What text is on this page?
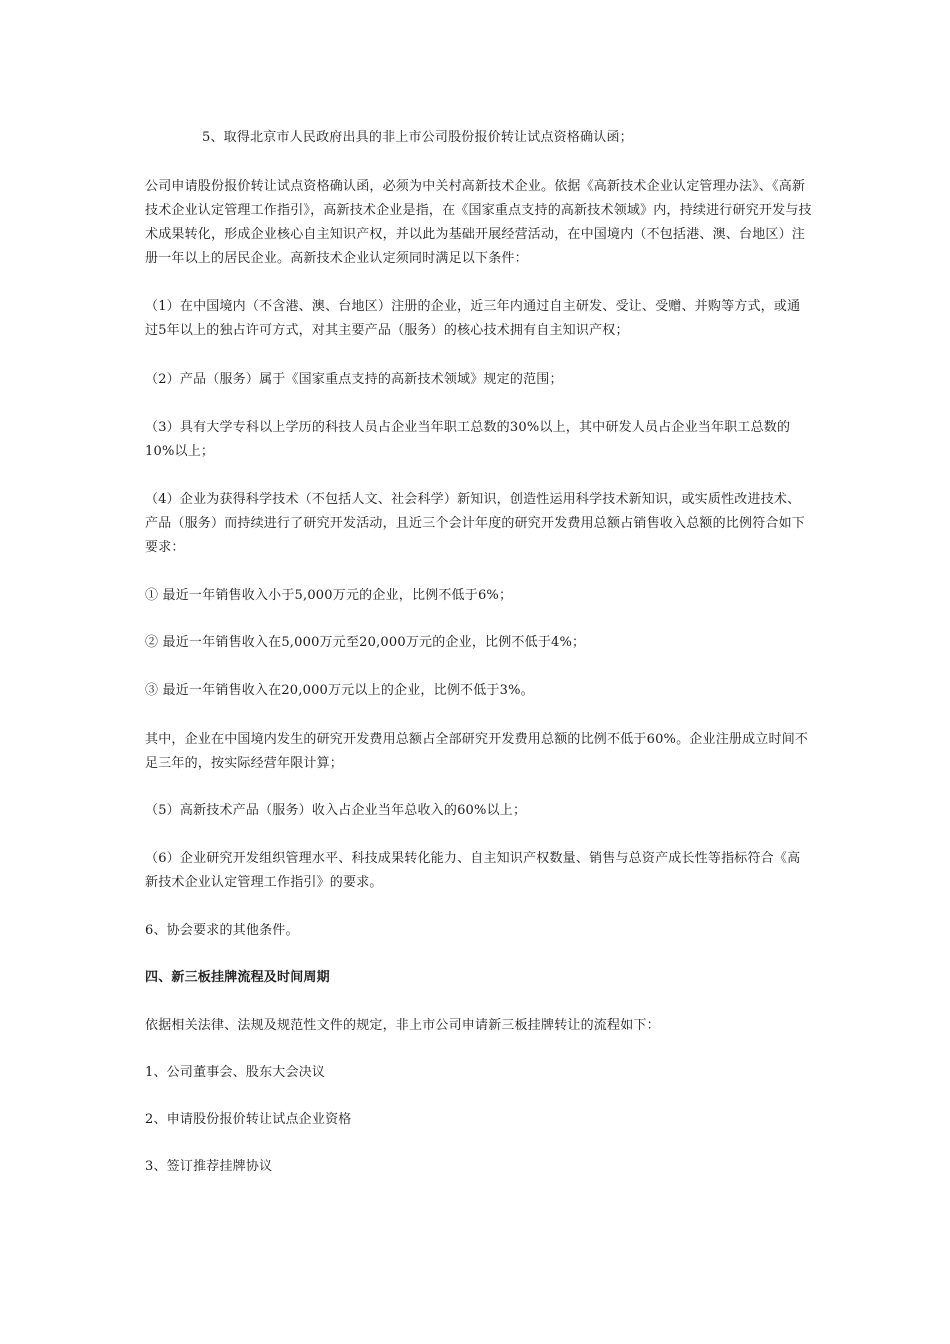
5、取得北京市人民政府出具的非上市公司股份报价转让试点资格确认函；

公司申请股份报价转让试点资格确认函，必须为中关村高新技术企业。依据《高新技术企业认定管理办法》、《高新技术企业认定管理工作指引》，高新技术企业是指，在《国家重点支持的高新技术领域》内，持续进行研究开发与技术成果转化，形成企业核心自主知识产权，并以此为基础开展经营活动，在中国境内（不包括港、澳、台地区）注册一年以上的居民企业。高新技术企业认定须同时满足以下条件：

（1）在中国境内（不含港、澳、台地区）注册的企业，近三年内通过自主研发、受让、受赠、并购等方式，或通过5年以上的独占许可方式，对其主要产品（服务）的核心技术拥有自主知识产权；

（2）产品（服务）属于《国家重点支持的高新技术领域》规定的范围；

（3）具有大学专科以上学历的科技人员占企业当年职工总数的30%以上，其中研发人员占企业当年职工总数的10%以上；

（4）企业为获得科学技术（不包括人文、社会科学）新知识，创造性运用科学技术新知识，或实质性改进技术、产品（服务）而持续进行了研究开发活动，且近三个会计年度的研究开发费用总额占销售收入总额的比例符合如下要求：

① 最近一年销售收入小于5,000万元的企业，比例不低于6%；

② 最近一年销售收入在5,000万元至20,000万元的企业，比例不低于4%；

③ 最近一年销售收入在20,000万元以上的企业，比例不低于3%。

其中，企业在中国境内发生的研究开发费用总额占全部研究开发费用总额的比例不低于60%。企业注册成立时间不足三年的，按实际经营年限计算；

（5）高新技术产品（服务）收入占企业当年总收入的60%以上；

（6）企业研究开发组织管理水平、科技成果转化能力、自主知识产权数量、销售与总资产成长性等指标符合《高新技术企业认定管理工作指引》的要求。

6、协会要求的其他条件。

四、新三板挂牌流程及时间周期

依据相关法律、法规及规范性文件的规定，非上市公司申请新三板挂牌转让的流程如下：

1、公司董事会、股东大会决议

2、申请股份报价转让试点企业资格

3、签订推荐挂牌协议
